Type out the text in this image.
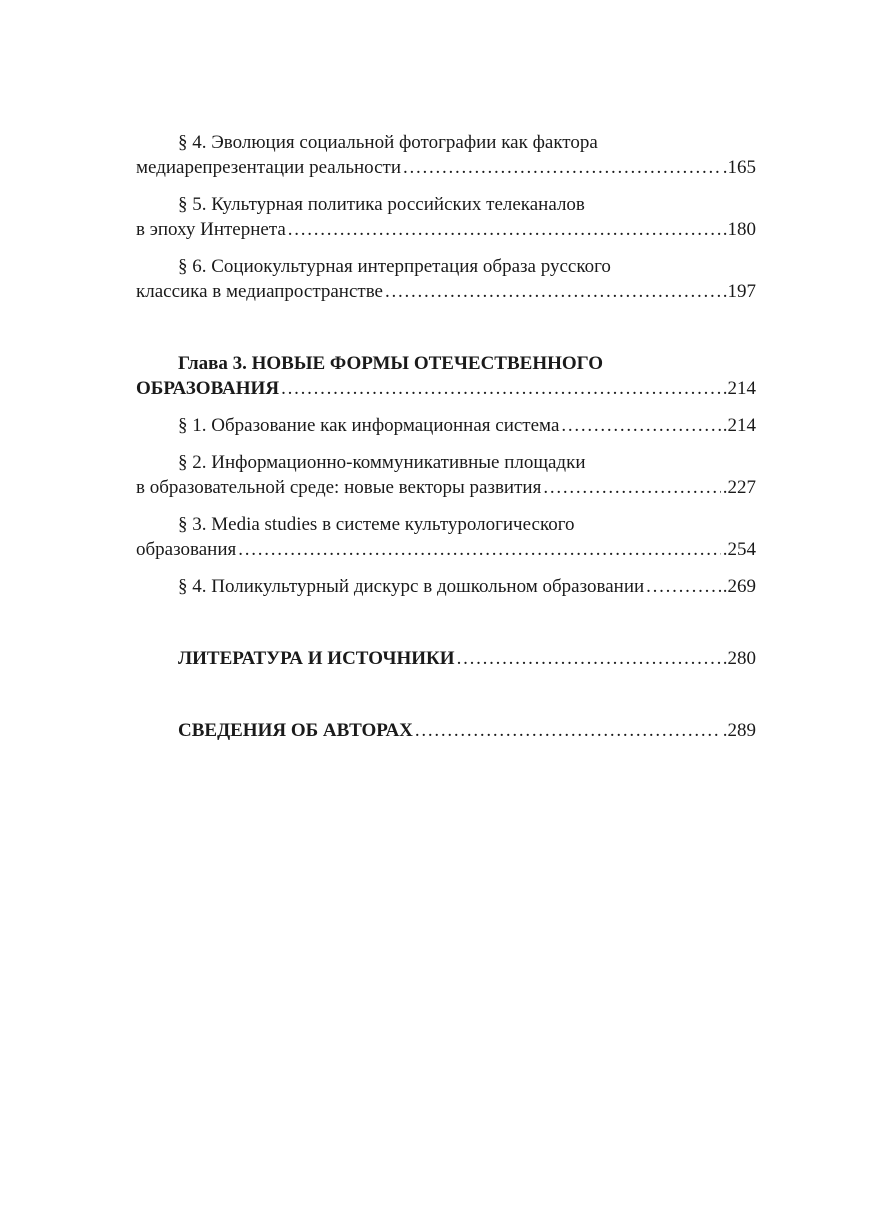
§ 4. Эволюция социальной фотографии как фактора
медиарепрезентации реальности . . .	.165
§ 5. Культурная политика российских телеканалов
в эпоху Интернета . . .	.180
§ 6. Социокультурная интерпретация образа русского
классика в медиапространстве . . .	.197
Глава 3. НОВЫЕ ФОРМЫ ОТЕЧЕСТВЕННОГО
ОБРАЗОВАНИЯ . . .	.214
§ 1. Образование как информационная система . . .	.214
§ 2. Информационно-коммуникативные площадки
в образовательной среде: новые векторы развития . . .	.227
§ 3. Media studies в системе культурологического
образования . . .	.254
§ 4. Поликультурный дискурс в дошкольном образовании . . .	.269
ЛИТЕРАТУРА И ИСТОЧНИКИ . . .	.280
СВЕДЕНИЯ ОБ АВТОРАХ . . .	.289
